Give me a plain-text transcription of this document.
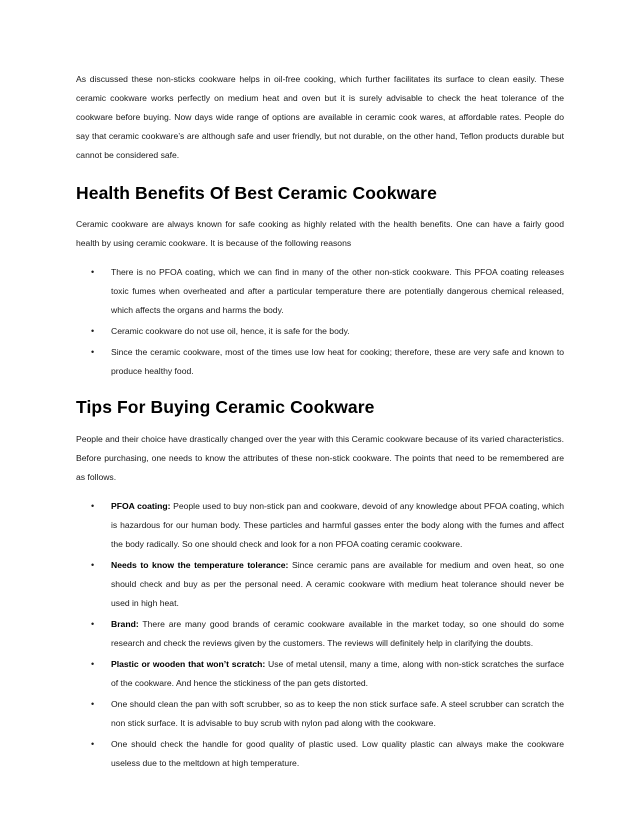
As discussed these non-sticks cookware helps in oil-free cooking, which further facilitates its surface to clean easily. These ceramic cookware works perfectly on medium heat and oven but it is surely advisable to check the heat tolerance of the cookware before buying. Now days wide range of options are available in ceramic cook wares, at affordable rates. People do say that ceramic cookware’s are although safe and user friendly, but not durable, on the other hand, Teflon products durable but cannot be considered safe.

Health Benefits Of Best Ceramic Cookware

Ceramic cookware are always known for safe cooking as highly related with the health benefits. One can have a fairly good health by using ceramic cookware. It is because of the following reasons

• There is no PFOA coating, which we can find in many of the other non-stick cookware. This PFOA coating releases toxic fumes when overheated and after a particular temperature there are potentially dangerous chemical released, which affects the organs and harms the body.
• Ceramic cookware do not use oil, hence, it is safe for the body.
• Since the ceramic cookware, most of the times use low heat for cooking; therefore, these are very safe and known to produce healthy food.
Tips For Buying Ceramic Cookware

People and their choice have drastically changed over the year with this Ceramic cookware because of its varied characteristics. Before purchasing, one needs to know the attributes of these non-stick cookware. The points that need to be remembered are as follows.

• PFOA coating: People used to buy non-stick pan and cookware, devoid of any knowledge about PFOA coating, which is hazardous for our human body. These particles and harmful gasses enter the body along with the fumes and affect the body radically. So one should check and look for a non PFOA coating ceramic cookware.
• Needs to know the temperature tolerance: Since ceramic pans are available for medium and oven heat, so one should check and buy as per the personal need. A ceramic cookware with medium heat tolerance should never be used in high heat.
• Brand: There are many good brands of ceramic cookware available in the market today, so one should do some research and check the reviews given by the customers. The reviews will definitely help in clarifying the doubts.
• Plastic or wooden that won’t scratch: Use of metal utensil, many a time, along with non-stick scratches the surface of the cookware. And hence the stickiness of the pan gets distorted.
• One should clean the pan with soft scrubber, so as to keep the non stick surface safe. A steel scrubber can scratch the non stick surface. It is advisable to buy scrub with nylon pad along with the cookware.
• One should check the handle for good quality of plastic used. Low quality plastic can always make the cookware useless due to the meltdown at high temperature.
